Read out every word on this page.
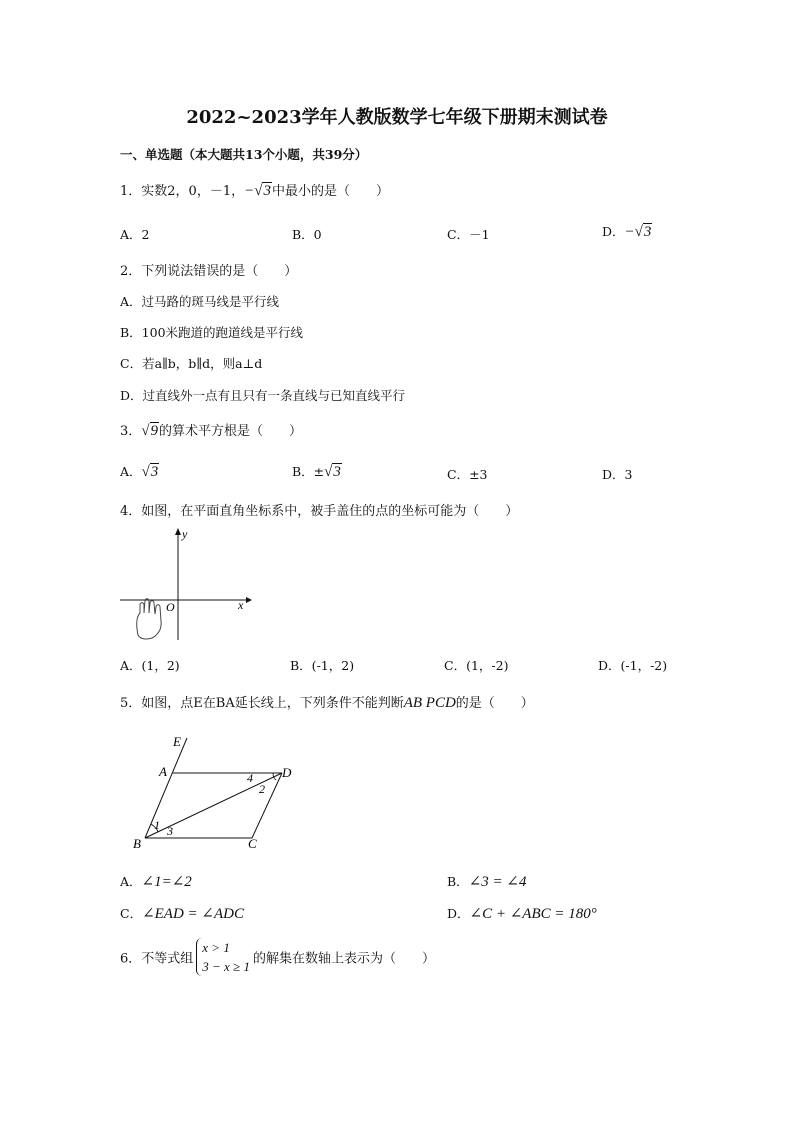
2022~2023学年人教版数学七年级下册期末测试卷
一、单选题（本大题共13个小题，共39分）
1．实数2，0，－1，−√3中最小的是（　　）
A．2	B．0	C．－1	D．−√3
2．下列说法错误的是（　　）
A．过马路的斑马线是平行线
B．100米跑道的跑道线是平行线
C．若a∥b，b∥d，则a⊥d
D．过直线外一点有且只有一条直线与已知直线平行
3．√9的算术平方根是（　　）
A．√3	B．±√3	C．±3	D．3
4．如图，在平面直角坐标系中，被手盖住的点的坐标可能为（　　）
y
x
O
A．(1，2)	B．(-1，2)	C．(1，-2)	D．(-1，-2)
5．如图，点E在BA延长线上，下列条件不能判断AB PCD的是（　　）
E
A	D
B	C
1
2
3
4
A．∠1=∠2	B．∠3 = ∠4
C．∠EAD = ∠ADC	D．∠C + ∠ABC = 180°
6．不等式组x > 1
3 − x ≥ 1 的解集在数轴上表示为（　　）
